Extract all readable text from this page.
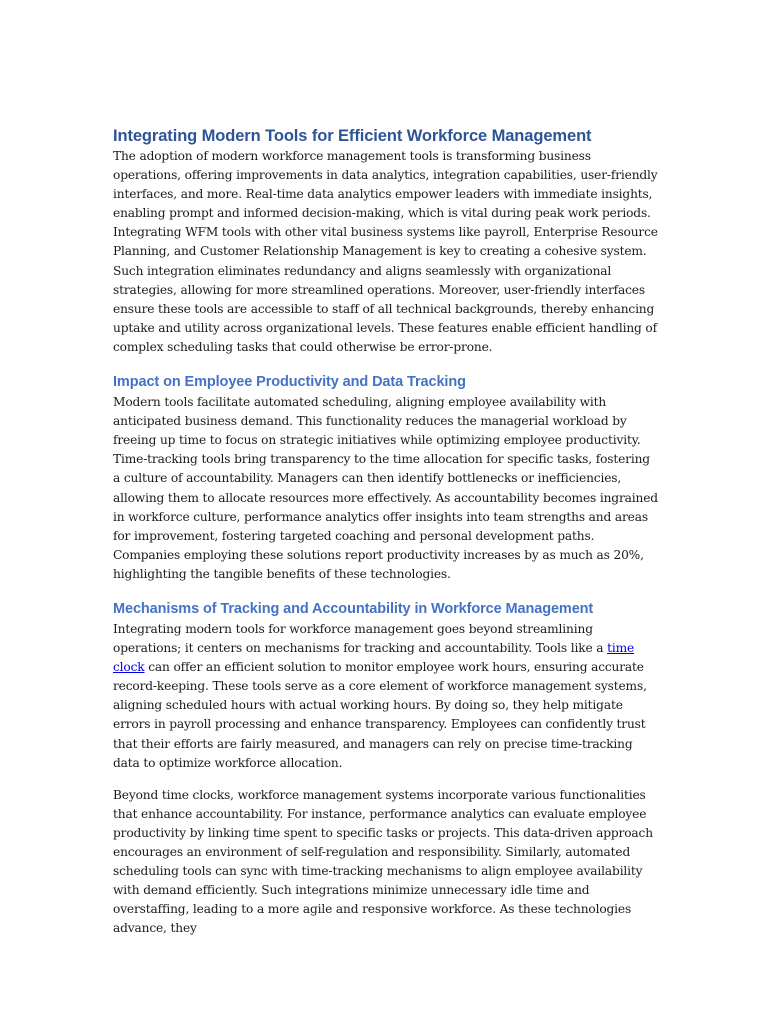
Integrating Modern Tools for Efficient Workforce Management

The adoption of modern workforce management tools is transforming business operations, offering improvements in data analytics, integration capabilities, user-friendly interfaces, and more. Real-time data analytics empower leaders with immediate insights, enabling prompt and informed decision-making, which is vital during peak work periods. Integrating WFM tools with other vital business systems like payroll, Enterprise Resource Planning, and Customer Relationship Management is key to creating a cohesive system. Such integration eliminates redundancy and aligns seamlessly with organizational strategies, allowing for more streamlined operations. Moreover, user-friendly interfaces ensure these tools are accessible to staff of all technical backgrounds, thereby enhancing uptake and utility across organizational levels. These features enable efficient handling of complex scheduling tasks that could otherwise be error-prone.

Impact on Employee Productivity and Data Tracking

Modern tools facilitate automated scheduling, aligning employee availability with anticipated business demand. This functionality reduces the managerial workload by freeing up time to focus on strategic initiatives while optimizing employee productivity. Time-tracking tools bring transparency to the time allocation for specific tasks, fostering a culture of accountability. Managers can then identify bottlenecks or inefficiencies, allowing them to allocate resources more effectively. As accountability becomes ingrained in workforce culture, performance analytics offer insights into team strengths and areas for improvement, fostering targeted coaching and personal development paths. Companies employing these solutions report productivity increases by as much as 20%, highlighting the tangible benefits of these technologies.

Mechanisms of Tracking and Accountability in Workforce Management

Integrating modern tools for workforce management goes beyond streamlining operations; it centers on mechanisms for tracking and accountability. Tools like a time clock can offer an efficient solution to monitor employee work hours, ensuring accurate record-keeping. These tools serve as a core element of workforce management systems, aligning scheduled hours with actual working hours. By doing so, they help mitigate errors in payroll processing and enhance transparency. Employees can confidently trust that their efforts are fairly measured, and managers can rely on precise time-tracking data to optimize workforce allocation.

Beyond time clocks, workforce management systems incorporate various functionalities that enhance accountability. For instance, performance analytics can evaluate employee productivity by linking time spent to specific tasks or projects. This data-driven approach encourages an environment of self-regulation and responsibility. Similarly, automated scheduling tools can sync with time-tracking mechanisms to align employee availability with demand efficiently. Such integrations minimize unnecessary idle time and overstaffing, leading to a more agile and responsive workforce. As these technologies advance, they
